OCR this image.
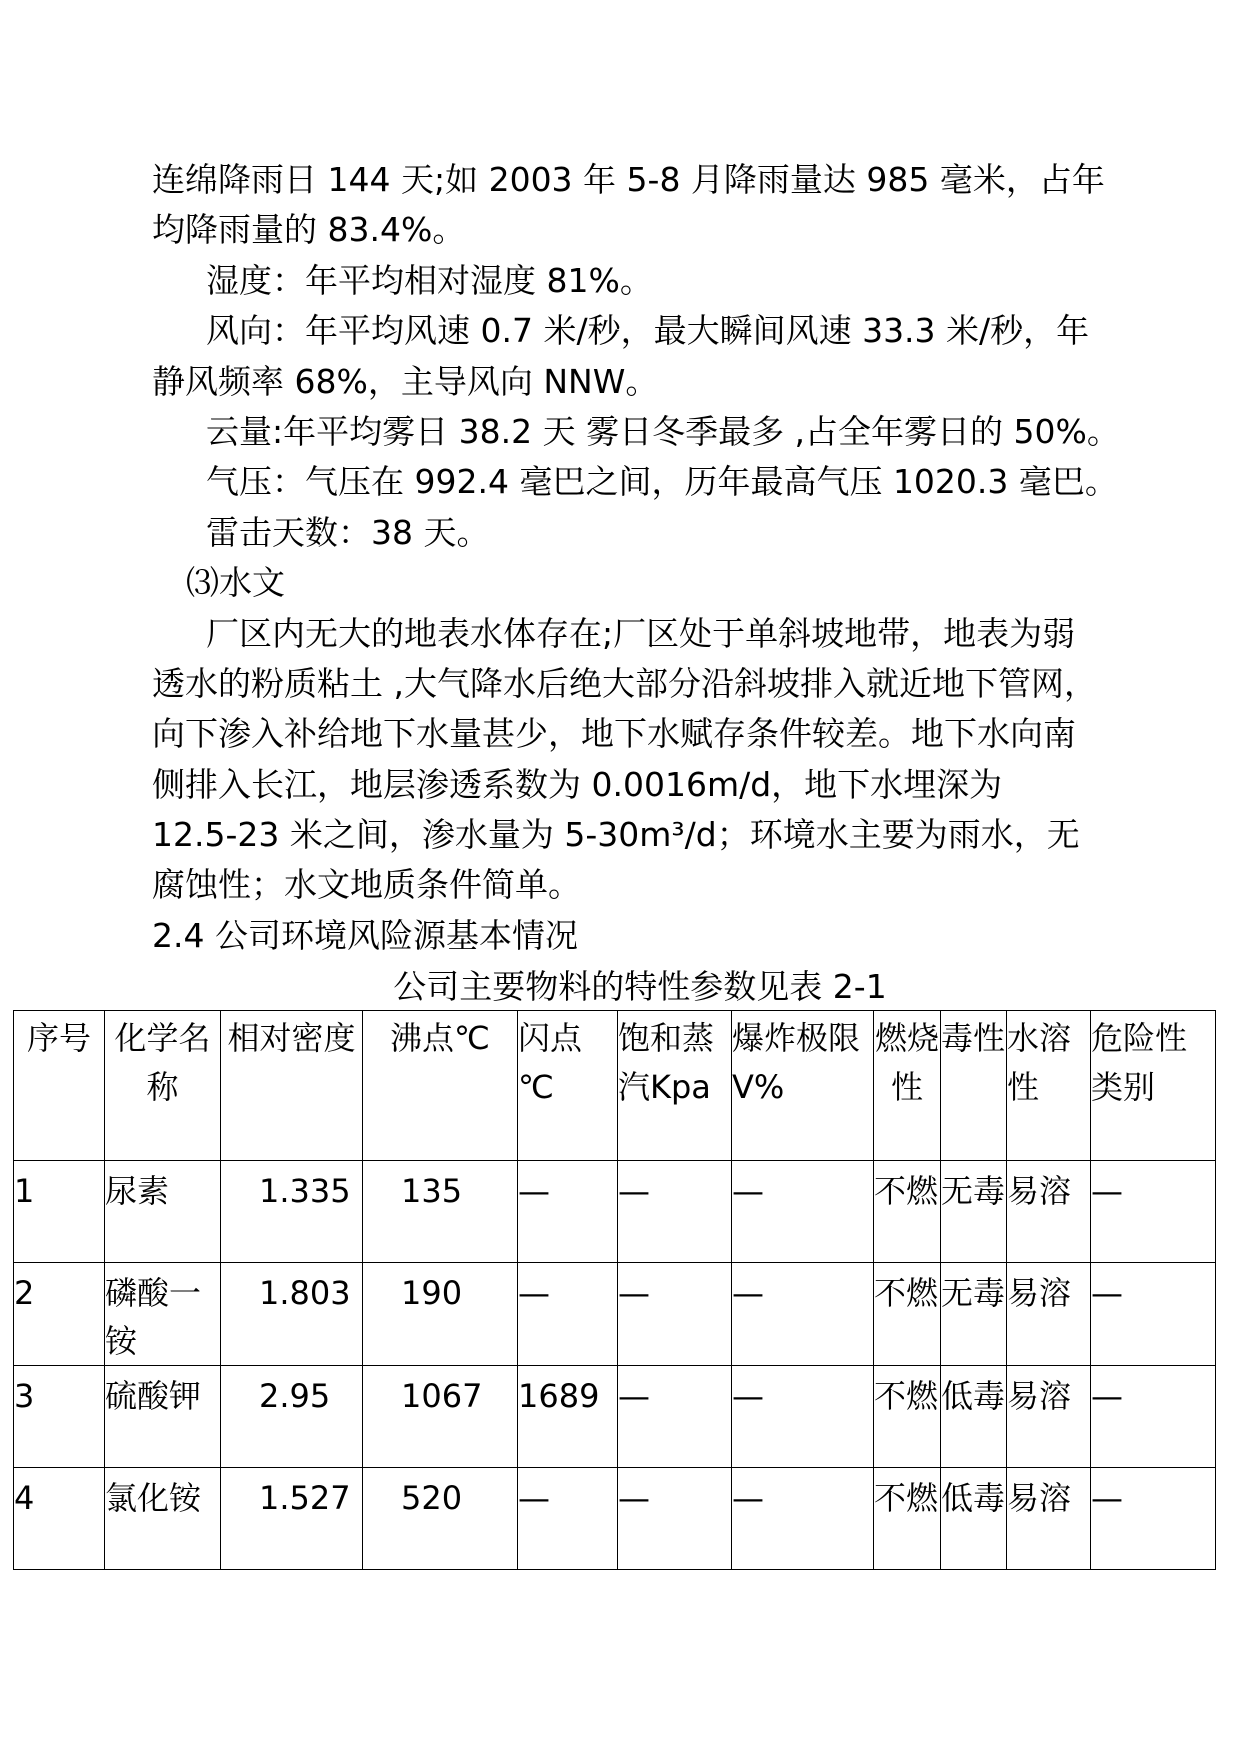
连绵降雨日 144 天;如 2003 年 5-8 月降雨量达 985 毫米，占年
均降雨量的 83.4%。
湿度：年平均相对湿度 81%。
风向：年平均风速 0.7 米/秒，最大瞬间风速 33.3 米/秒，年
静风频率 68%，主导风向 NNW。
云量:年平均雾日 38.2 天 雾日冬季最多 ,占全年雾日的 50%。
气压：气压在 992.4 毫巴之间，历年最高气压 1020.3 毫巴。
雷击天数：38 天。
⑶水文
厂区内无大的地表水体存在;厂区处于单斜坡地带，地表为弱
透水的粉质粘土 ,大气降水后绝大部分沿斜坡排入就近地下管网，
向下渗入补给地下水量甚少，地下水赋存条件较差。地下水向南
侧排入长江，地层渗透系数为 0.0016m/d，地下水埋深为
12.5-23 米之间，渗水量为 5-30m³/d；环境水主要为雨水，无
腐蚀性；水文地质条件简单。
2.4 公司环境风险源基本情况
公司主要物料的特性参数见表 2-1
序号	化学名称	相对密度	沸点℃	闪点℃	饱和蒸汽Kpa	爆炸极限 V%	燃烧性	毒性	水溶性	危险性类别
1	尿素	1.335	135	—	—	—	不燃	无毒	易溶	—
2	磷酸一铵	1.803	190	—	—	—	不燃	无毒	易溶	—
3	硫酸钾	2.95	1067	1689	—	—	不燃	低毒	易溶	—
4	氯化铵	1.527	520	—	—	—	不燃	低毒	易溶	—
